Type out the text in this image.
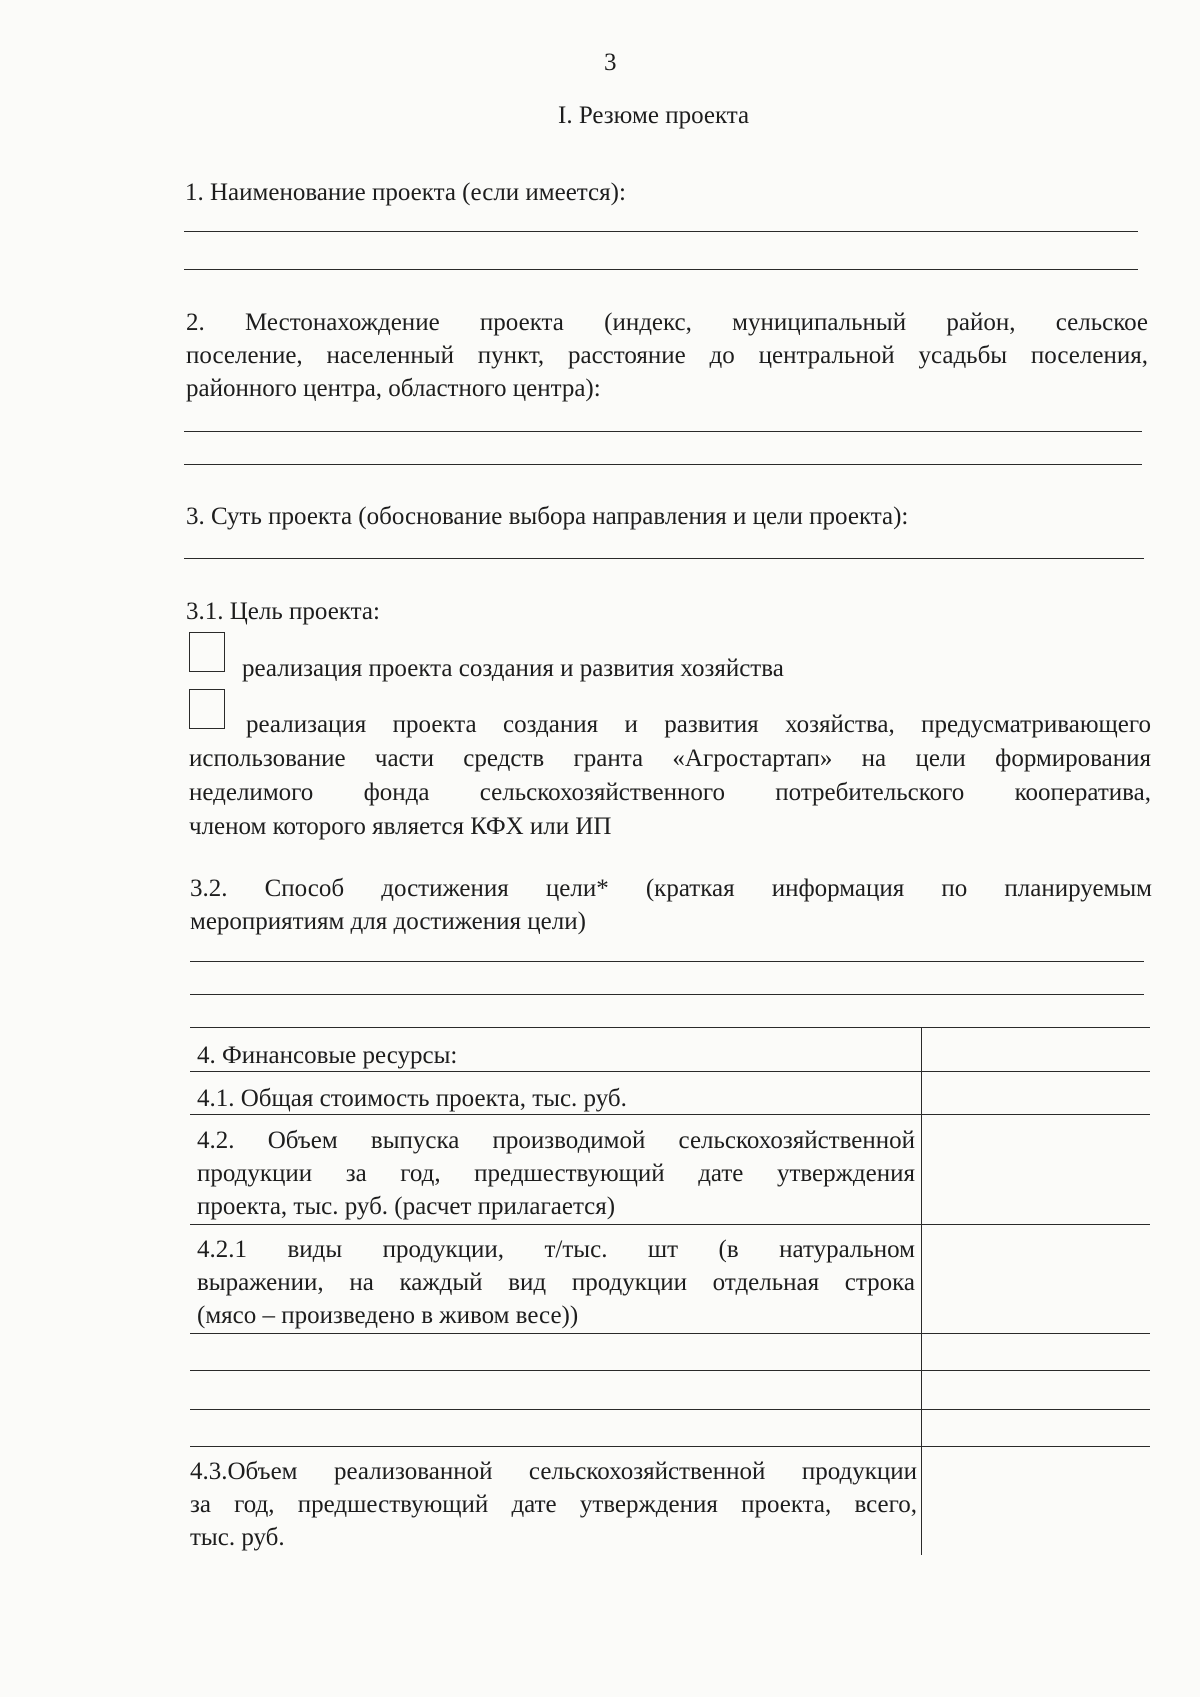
3
I. Резюме проекта
1. Наименование проекта (если имеется):
2. Местонахождение проекта (индекс, муниципальный район, сельское
поселение, населенный пункт, расстояние до центральной усадьбы поселения,
районного центра, областного центра):
3. Суть проекта (обоснование выбора направления и цели проекта):
3.1. Цель проекта:
реализация проекта создания и развития хозяйства
реализация проекта создания и развития хозяйства, предусматривающего
использование части средств гранта «Агростартап» на цели формирования
неделимого фонда сельскохозяйственного потребительского кооператива,
членом которого является КФХ или ИП
3.2. Способ достижения цели* (краткая информация по планируемым
мероприятиям для достижения цели)
4. Финансовые ресурсы:
4.1. Общая стоимость проекта, тыс. руб.
4.2. Объем выпуска производимой сельскохозяйственной
продукции за год, предшествующий дате утверждения
проекта, тыс. руб. (расчет прилагается)
4.2.1 виды продукции, т/тыс. шт (в натуральном
выражении, на каждый вид продукции отдельная строка
(мясо – произведено в живом весе))
4.3.Объем реализованной сельскохозяйственной продукции
за год, предшествующий дате утверждения проекта, всего,
тыс. руб.
